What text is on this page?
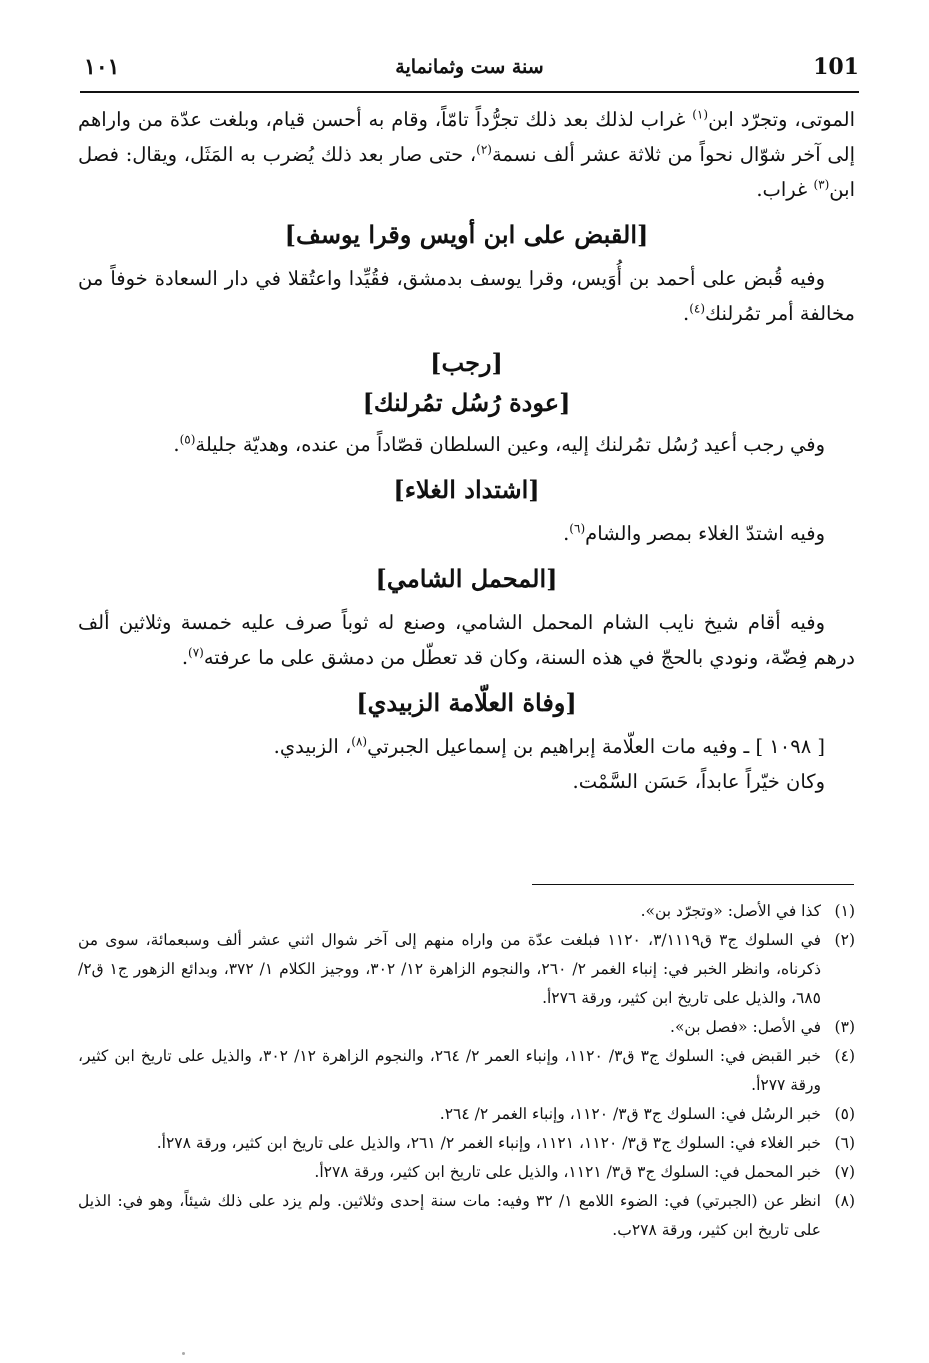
101
سنة ست وثمانماية
١٠١

الموتى، وتجرّد ابن$^{(١)}$ غراب لذلك بعد ذلك تجرُّداً تامّاً، وقام به أحسن قيام، وبلغت عدّة من واراهم إلى آخر شوّال نحواً من ثلاثة عشر ألف نسمة$^{(٢)}$، حتى صار بعد ذلك يُضرب به المَثَل، ويقال: فصل ابن$^{(٣)}$ غراب.

[القبض على ابن أويس وقرا يوسف]

وفيه قُبض على أحمد بن أُوَيس، وقرا يوسف بدمشق، فقُيِّدا واعتُقلا في دار السعادة خوفاً من مخالفة أمر تمُرلنك$^{(٤)}$.

[رجب]
[عودة رُسُل تمُرلنك]

وفي رجب أعيد رُسُل تمُرلنك إليه، وعين السلطان قصّاداً من عنده، وهديّة جليلة$^{(٥)}$.

[اشتداد الغلاء]

وفيه اشتدّ الغلاء بمصر والشام$^{(٦)}$.

[المحمل الشامي]

وفيه أقام شيخ نايب الشام المحمل الشامي، وصنع له ثوباً صرف عليه خمسة وثلاثين ألف درهم فِضّة، ونودي بالحجّ في هذه السنة، وكان قد تعطّل من دمشق على ما عرفته$^{(٧)}$.

[وفاة العلّامة الزبيدي]

[ ١٠٩٨ ] ـ وفيه مات العلّامة إبراهيم بن إسماعيل الجبرتي$^{(٨)}$، الزبيدي.

وكان خيّراً عابداً، حَسَن السَّمْت.

(١)
كذا في الأصل: «وتجرّد بن».
(٢)
في السلوك ج٣ ق٣/١١١٩، ١١٢٠ فبلغت عدّة من واراه منهم إلى آخر شوال اثني عشر ألف وسبعمائة، سوى من ذكرناه، وانظر الخبر في: إنباء الغمر ٢/ ٢٦٠، والنجوم الزاهرة ١٢/ ٣٠٢، ووجيز الكلام ١/ ٣٧٢، وبدائع الزهور ج١ ق٢/ ٦٨٥، والذيل على تاريخ ابن كثير، ورقة ٢٧٦أ.
(٣)
في الأصل: «فصل بن».
(٤)
خبر القبض في: السلوك ج٣ ق٣/ ١١٢٠، وإنباء العمر ٢/ ٢٦٤، والنجوم الزاهرة ١٢/ ٣٠٢، والذيل على تاريخ ابن كثير، ورقة ٢٧٧أ.
(٥)
خبر الرسُل في: السلوك ج٣ ق٣/ ١١٢٠، وإنباء الغمر ٢/ ٢٦٤.
(٦)
خبر الغلاء في: السلوك ج٣ ق٣/ ١١٢٠، ١١٢١، وإنباء الغمر ٢/ ٢٦١، والذيل على تاريخ ابن كثير، ورقة ٢٧٨أ.
(٧)
خبر المحمل في: السلوك ج٣ ق٣/ ١١٢١، والذيل على تاريخ ابن كثير، ورقة ٢٧٨أ.
(٨)
انظر عن (الجبرتي) في: الضوء اللامع ١/ ٣٢ وفيه: مات سنة إحدى وثلاثين. ولم يزد على ذلك شيئاً، وهو في: الذيل على تاريخ ابن كثير، ورقة ٢٧٨ب.
